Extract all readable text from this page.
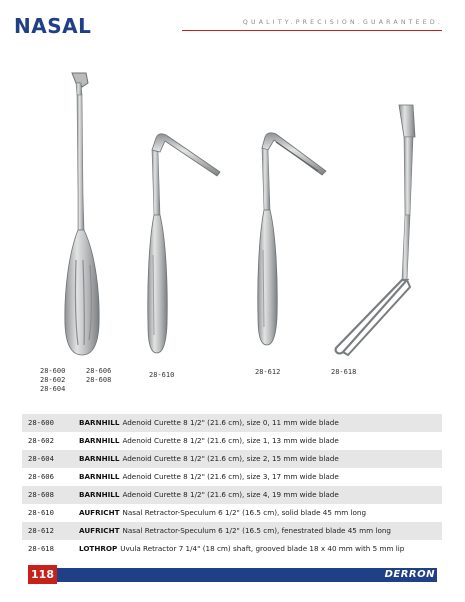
NASAL	QUALITY.PRECISION.GUARANTEED.
28-600
28-602
28-604
28-606
28-608
28-610	28-612	28-618
28-600	BARNHILL Adenoid Curette 8 1/2" (21.6 cm), size 0, 11 mm wide blade
28-602	BARNHILL Adenoid Curette 8 1/2" (21.6 cm), size 1, 13 mm wide blade
28-604	BARNHILL Adenoid Curette 8 1/2" (21.6 cm), size 2, 15 mm wide blade
28-606	BARNHILL Adenoid Curette 8 1/2" (21.6 cm), size 3, 17 mm wide blade
28-608	BARNHILL Adenoid Curette 8 1/2" (21.6 cm), size 4, 19 mm wide blade
28-610	AUFRICHT Nasal Retractor-Speculum 6 1/2" (16.5 cm), solid blade 45 mm long
28-612	AUFRICHT Nasal Retractor-Speculum 6 1/2" (16.5 cm), fenestrated blade 45 mm long
28-618	LOTHROP Uvula Retractor 7 1/4" (18 cm) shaft, grooved blade 18 x 40 mm with 5 mm lip
118	DERRON
